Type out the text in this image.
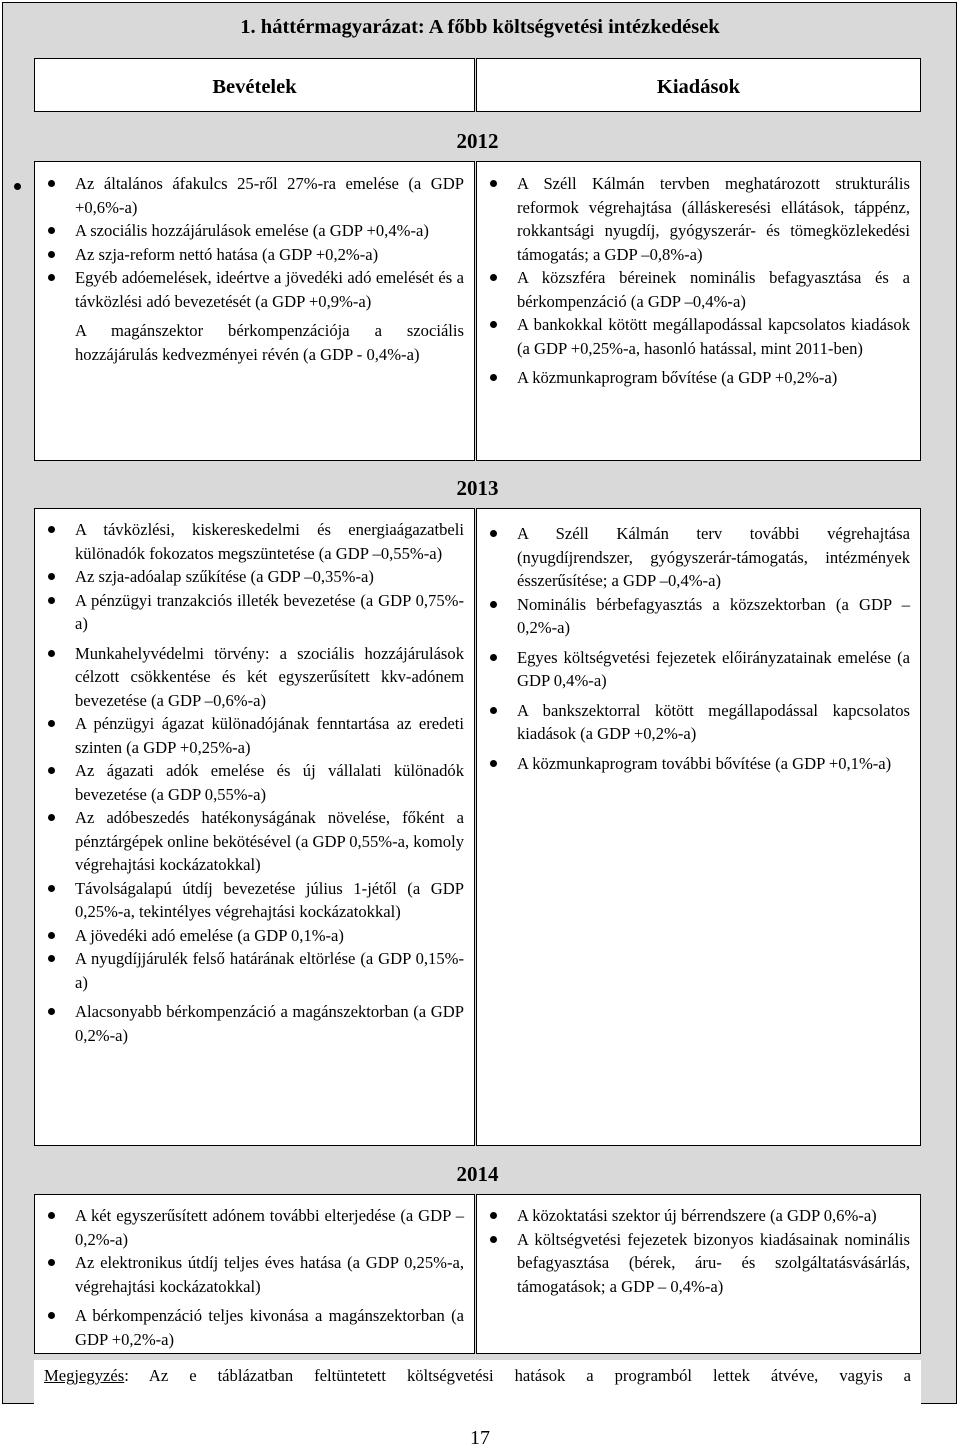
1. háttérmagyarázat: A főbb költségvetési intézkedések
Bevételek	Kiadások
2012
Az általános áfakulcs 25-ről 27%-ra emelése (a GDP +0,6%-a)
A szociális hozzájárulások emelése (a GDP +0,4%-a)
Az szja-reform nettó hatása (a GDP +0,2%-a)
Egyéb adóemelések, ideértve a jövedéki adó emelését és a távközlési adó bevezetését (a GDP +0,9%-a)
A magánszektor bérkompenzációja a szociális hozzájárulás kedvezményei révén (a GDP - 0,4%-a)
A Széll Kálmán tervben meghatározott strukturális reformok végrehajtása (álláskeresési ellátások, táppénz, rokkantsági nyugdíj, gyógyszerár- és tömegközlekedési támogatás; a GDP –0,8%-a)
A közszféra béreinek nominális befagyasztása és a bérkompenzáció (a GDP –0,4%-a)
A bankokkal kötött megállapodással kapcsolatos kiadások (a GDP +0,25%-a, hasonló hatással, mint 2011-ben)
A közmunkaprogram bővítése (a GDP +0,2%-a)
2013
A távközlési, kiskereskedelmi és energiaágazatbeli különadók fokozatos megszüntetése (a GDP –0,55%-a)
Az szja-adóalap szűkítése (a GDP –0,35%-a)
A pénzügyi tranzakciós illeték bevezetése (a GDP 0,75%-a)
Munkahelyvédelmi törvény: a szociális hozzájárulások célzott csökkentése és két egyszerűsített kkv-adónem bevezetése (a GDP –0,6%-a)
A pénzügyi ágazat különadójának fenntartása az eredeti szinten (a GDP +0,25%-a)
Az ágazati adók emelése és új vállalati különadók bevezetése (a GDP 0,55%-a)
Az adóbeszedés hatékonyságának növelése, főként a pénztárgépek online bekötésével (a GDP 0,55%-a, komoly végrehajtási kockázatokkal)
Távolságalapú útdíj bevezetése július 1-jétől (a GDP 0,25%-a, tekintélyes végrehajtási kockázatokkal)
A jövedéki adó emelése (a GDP 0,1%-a)
A nyugdíjjárulék felső határának eltörlése (a GDP 0,15%-a)
Alacsonyabb bérkompenzáció a magánszektorban (a GDP 0,2%-a)
A Széll Kálmán terv további végrehajtása (nyugdíjrendszer, gyógyszerár-támogatás, intézmények ésszerűsítése; a GDP –0,4%-a)
Nominális bérbefagyasztás a közszektorban (a GDP –0,2%-a)
Egyes költségvetési fejezetek előirányzatainak emelése (a GDP 0,4%-a)
A bankszektorral kötött megállapodással kapcsolatos kiadások (a GDP +0,2%-a)
A közmunkaprogram további bővítése (a GDP +0,1%-a)
2014
A két egyszerűsített adónem további elterjedése (a GDP –0,2%-a)
Az elektronikus útdíj teljes éves hatása (a GDP 0,25%-a, végrehajtási kockázatokkal)
A bérkompenzáció teljes kivonása a magánszektorban (a GDP +0,2%-a)
A közoktatási szektor új bérrendszere (a GDP 0,6%-a)
A költségvetési fejezetek bizonyos kiadásainak nominális befagyasztása (bérek, áru- és szolgáltatásvásárlás, támogatások; a GDP – 0,4%-a)
Megjegyzés: Az e táblázatban feltüntetett költségvetési hatások a programból lettek átvéve, vagyis a
17
